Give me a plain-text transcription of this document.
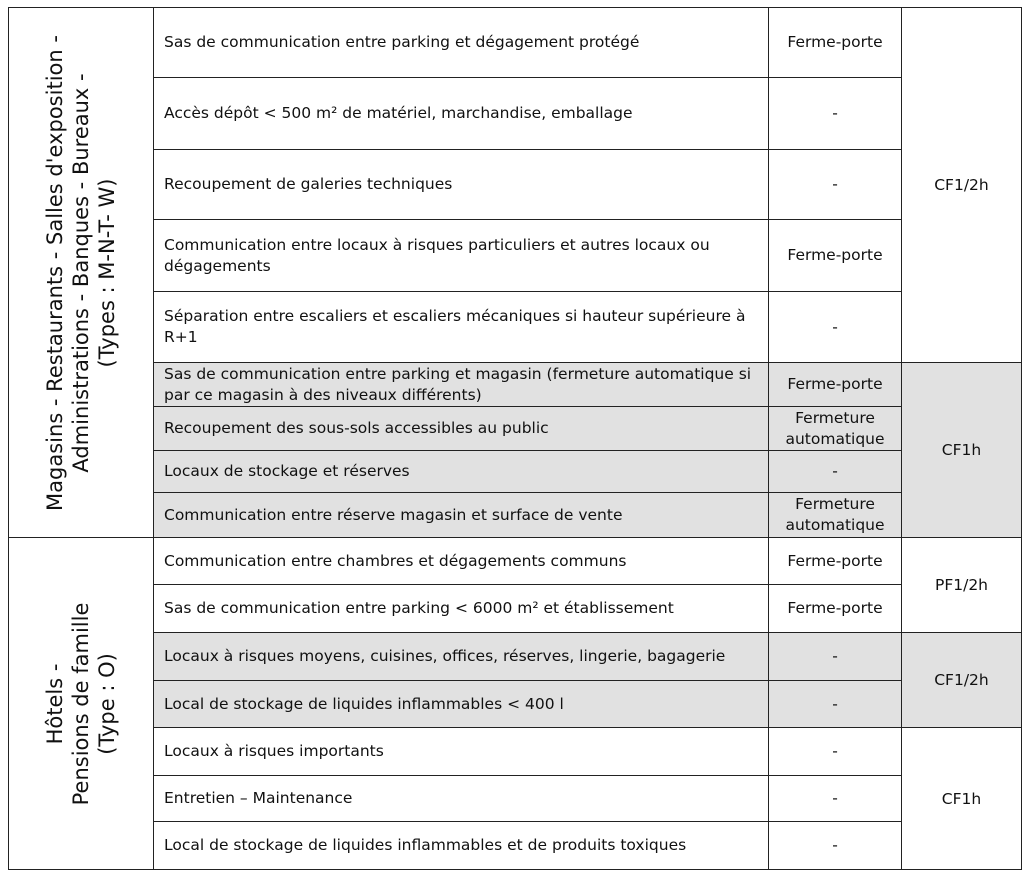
Magasins - Restaurants - Salles d'exposition - Administrations - Banques - Bureaux - (Types : M-N-T- W)	Sas de communication entre parking et dégagement protégé	Ferme-porte	CF1/2h
	Accès dépôt < 500 m² de matériel, marchandise, emballage	-	
	Recoupement de galeries techniques	-	
	Communication entre locaux à risques particuliers et autres locaux ou dégagements	Ferme-porte	
	Séparation entre escaliers et escaliers mécaniques si hauteur supérieure à R+1	-	
	Sas de communication entre parking et magasin (fermeture automatique si par ce magasin à des niveaux différents)	Ferme-porte	CF1h
	Recoupement des sous-sols accessibles au public	Fermeture automatique	
	Locaux de stockage et réserves	-	
	Communication entre réserve magasin et surface de vente	Fermeture automatique	

Hôtels - Pensions de famille (Type : O)	Communication entre chambres et dégagements communs	Ferme-porte	PF1/2h
	Sas de communication entre parking < 6000 m² et établissement	Ferme-porte	
	Locaux à risques moyens, cuisines, offices, réserves, lingerie, bagagerie	-	CF1/2h
	Local de stockage de liquides inflammables < 400 l	-	
	Locaux à risques importants	-	CF1h
	Entretien – Maintenance	-	
	Local de stockage de liquides inflammables et de produits toxiques	-	
